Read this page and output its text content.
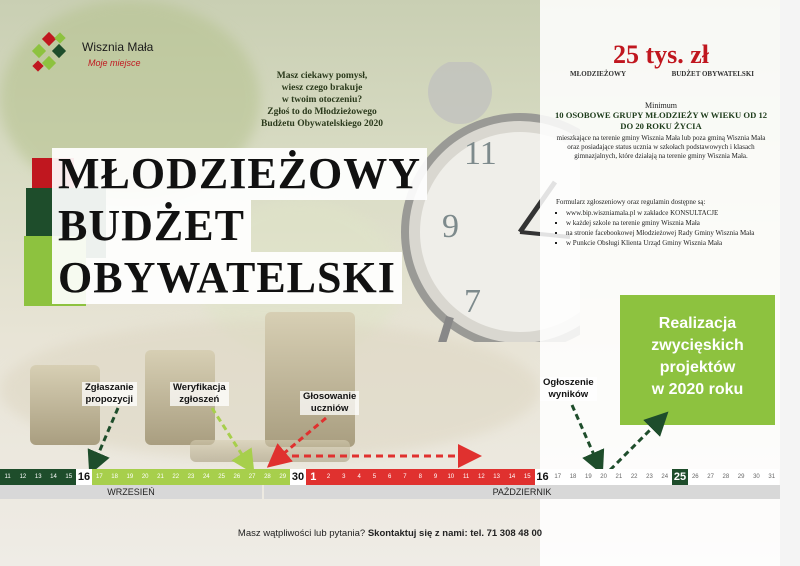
11
9
7
Wisznia Mała
Moje miejsce
Masz ciekawy pomysł,
wiesz czego brakuje
w twoim otoczeniu?
Zgłoś to do Młodzieżowego
Budżetu Obywatelskiego 2020
MŁODZIEŻOWY
BUDŻET
OBYWATELSKI
25 tys. zł
MŁODZIEŻOWY	BUDŻET OBYWATELSKI
Minimum
10 OSOBOWE GRUPY MŁODZIEŻY W WIEKU OD 12 DO 20 ROKU ŻYCIA
mieszkające na terenie gminy Wisznia Mała lub poza gminą Wisznia Mała oraz posiadające status ucznia w szkołach podstawowych i klasach gimnazjalnych, które działają na terenie gminy Wisznia Mała.
Formularz zgłoszeniowy oraz regulamin dostępne są:
▪ www.bip.wiszniamala.pl w zakładce KONSULTACJE
▪ w każdej szkole na terenie gminy Wisznia Mała
▪ na stronie facebookowej Młodzieżowej Rady Gminy Wisznia Mała
▪ w Punkcie Obsługi Klienta Urząd Gminy Wisznia Mała
Realizacja
zwycięskich
projektów
w 2020 roku
Zgłaszanie
propozycji
Weryfikacja
zgłoszeń	Głosowanie
uczniów
Ogłoszenie
wyników
11	12	13	14	15 16 17	18	19	20	21	22	23	24	25	26	27	28	29 30 1	2	3	4	5	6	7	8	9	10	11	12	13	14	15 16 17	18	19	20	21	22	23	24 25 26	27	28	29	30	31
WRZESIEŃ	PAŹDZIERNIK
Masz wątpliwości lub pytania? Skontaktuj się z nami: tel. 71 308 48 00
